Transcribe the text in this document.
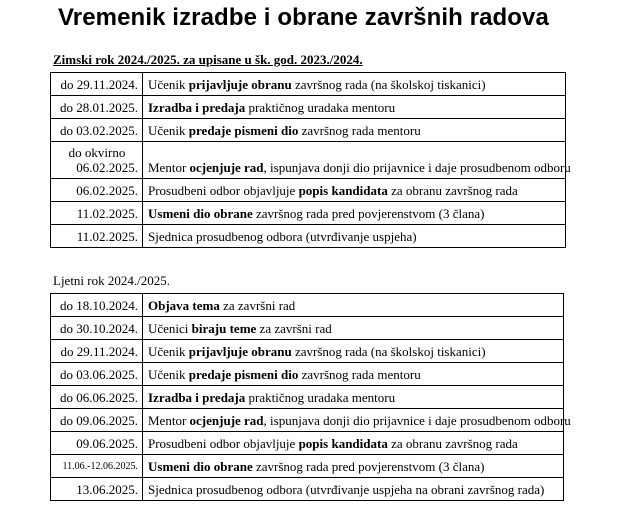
Vremenik izradbe i obrane završnih radova
Zimski rok 2024./2025. za upisane u šk. god. 2023./2024.
do 29.11.2024.	Učenik prijavljuje obranu završnog rada (na školskoj tiskanici)
do 28.01.2025.	Izradba i predaja praktičnog uradaka mentoru
do 03.02.2025.	Učenik predaje pismeni dio završnog rada mentoru

do okvirno
06.02.2025.	Mentor ocjenjuje rad, ispunjava donji dio prijavnice i daje prosudbenom odboru
06.02.2025.	Prosudbeni odbor objavljuje popis kandidata za obranu završnog rada
11.02.2025.	Usmeni dio obrane završnog rada pred povjerenstvom (3 člana)
11.02.2025.	Sjednica prosudbenog odbora (utvrđivanje uspjeha)
Ljetni rok 2024./2025.
do 18.10.2024.	Objava tema za završni rad
do 30.10.2024.	Učenici biraju teme za završni rad
do 29.11.2024.	Učenik prijavljuje obranu završnog rada (na školskoj tiskanici)
do 03.06.2025.	Učenik predaje pismeni dio završnog rada mentoru
do 06.06.2025.	Izradba i predaja praktičnog uradaka mentoru
do 09.06.2025.	Mentor ocjenjuje rad, ispunjava donji dio prijavnice i daje prosudbenom odboru
09.06.2025.	Prosudbeni odbor objavljuje popis kandidata za obranu završnog rada
11.06.-12.06.2025.	Usmeni dio obrane završnog rada pred povjerenstvom (3 člana)
13.06.2025.	Sjednica prosudbenog odbora (utvrđivanje uspjeha na obrani završnog rada)
